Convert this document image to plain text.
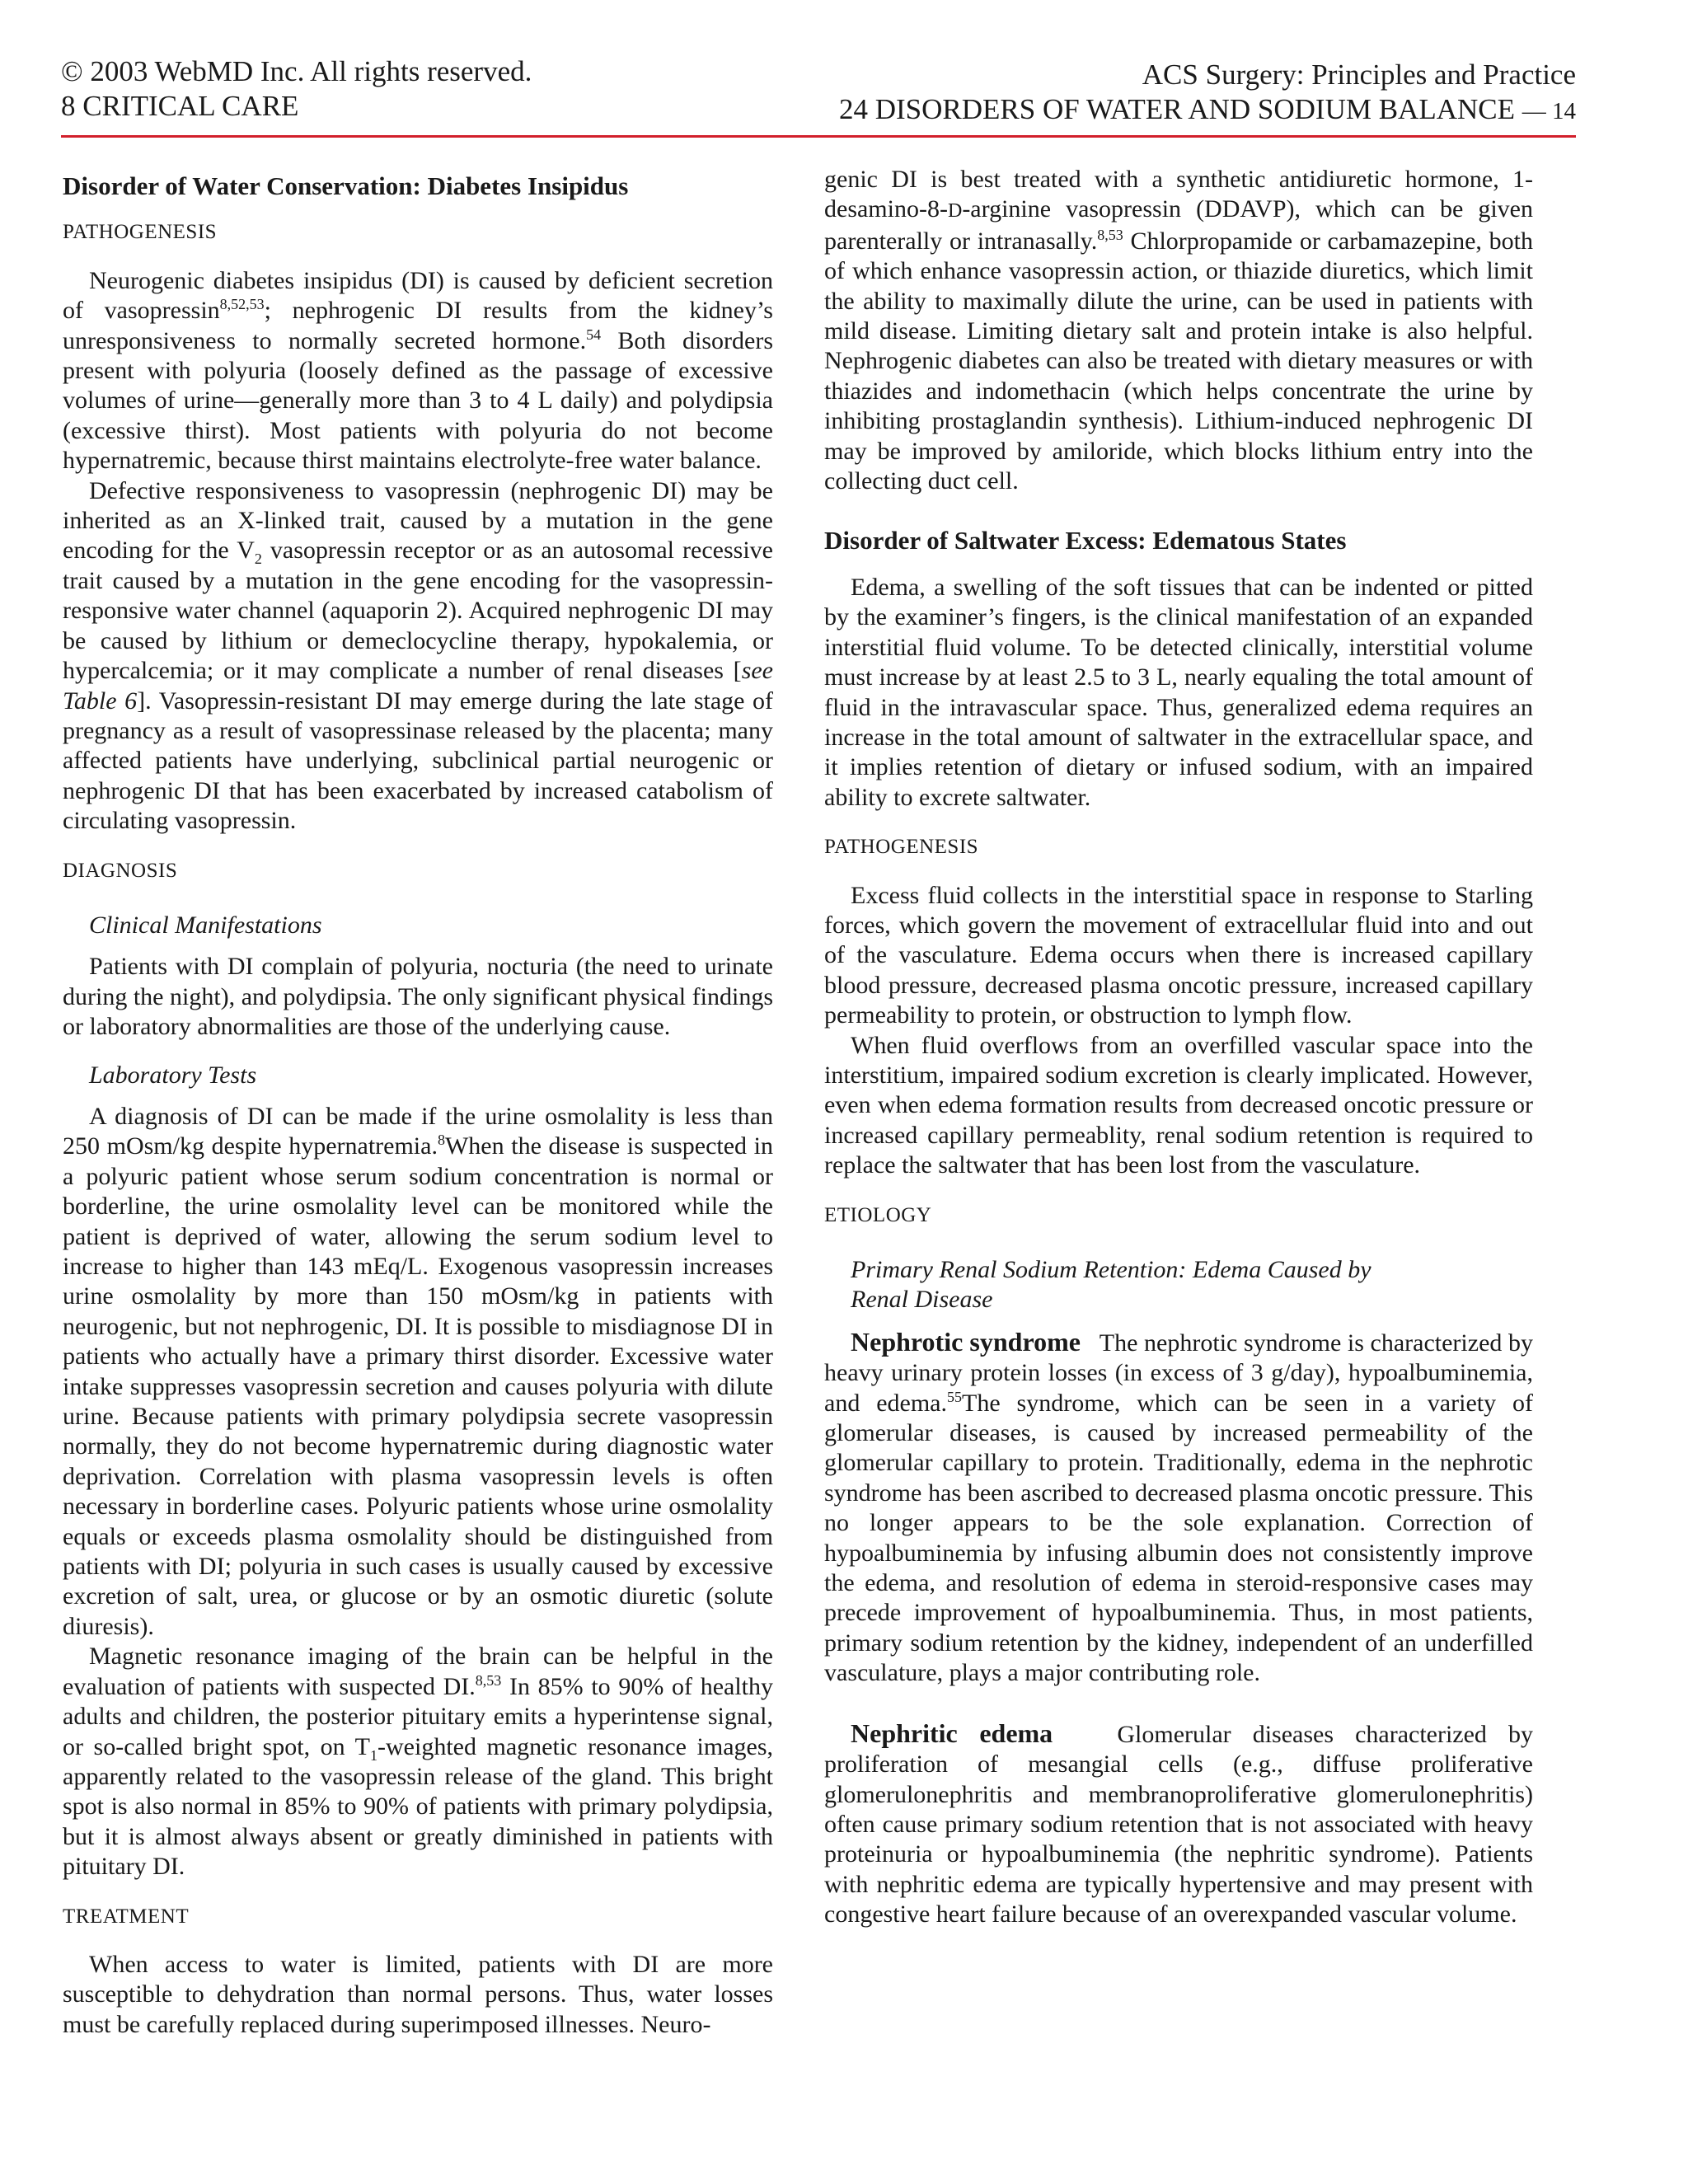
© 2003 WebMD Inc. All rights reserved.
8 CRITICAL CARE
ACS Surgery: Principles and Practice
24 DISORDERS OF WATER AND SODIUM BALANCE — 14
Disorder of Water Conservation: Diabetes Insipidus
PATHOGENESIS

Neurogenic diabetes insipidus (DI) is caused by deficient secretion of vasopressin$^{8,52,53}$; nephrogenic DI results from the kidney’s unresponsiveness to normally secreted hormone.$^{54}$ Both disorders present with polyuria (loosely defined as the passage of excessive volumes of urine—generally more than 3 to 4 L daily) and polydipsia (excessive thirst). Most patients with polyuria do not become hypernatremic, because thirst maintains electrolyte-free water balance.

Defective responsiveness to vasopressin (nephrogenic DI) may be inherited as an X-linked trait, caused by a mutation in the gene encoding for the $V_2$ vasopressin receptor or as an autosomal recessive trait caused by a mutation in the gene encoding for the vasopressin-responsive water channel (aquaporin 2). Acquired nephrogenic DI may be caused by lithium or demeclocycline therapy, hypokalemia, or hypercalcemia; or it may complicate a number of renal diseases [see Table 6]. Vasopressin-resistant DI may emerge during the late stage of pregnancy as a result of vasopressinase released by the placenta; many affected patients have underlying, subclinical partial neurogenic or nephrogenic DI that has been exacerbated by increased catabolism of circulating vasopressin.

DIAGNOSIS
Clinical Manifestations

Patients with DI complain of polyuria, nocturia (the need to urinate during the night), and polydipsia. The only significant physical findings or laboratory abnormalities are those of the underlying cause.

Laboratory Tests

A diagnosis of DI can be made if the urine osmolality is less than 250 mOsm/kg despite hypernatremia.$^8$When the disease is suspected in a polyuric patient whose serum sodium concentration is normal or borderline, the urine osmolality level can be monitored while the patient is deprived of water, allowing the serum sodium level to increase to higher than 143 mEq/L. Exogenous vasopressin increases urine osmolality by more than 150 mOsm/kg in patients with neurogenic, but not nephrogenic, DI. It is possible to misdiagnose DI in patients who actually have a primary thirst disorder. Excessive water intake suppresses vasopressin secretion and causes polyuria with dilute urine. Because patients with primary polydipsia secrete vasopressin normally, they do not become hypernatremic during diagnostic water deprivation. Correlation with plasma vasopressin levels is often necessary in borderline cases. Polyuric patients whose urine osmolality equals or exceeds plasma osmolality should be distinguished from patients with DI; polyuria in such cases is usually caused by excessive excretion of salt, urea, or glucose or by an osmotic diuretic (solute diuresis).

Magnetic resonance imaging of the brain can be helpful in the evaluation of patients with suspected DI.$^{8,53}$ In 85% to 90% of healthy adults and children, the posterior pituitary emits a hyperintense signal, or so-called bright spot, on $T_1$-weighted magnetic resonance images, apparently related to the vasopressin release of the gland. This bright spot is also normal in 85% to 90% of patients with primary polydipsia, but it is almost always absent or greatly diminished in patients with pituitary DI.

TREATMENT

When access to water is limited, patients with DI are more susceptible to dehydration than normal persons. Thus, water losses must be carefully replaced during superimposed illnesses. Neuro-

genic DI is best treated with a synthetic antidiuretic hormone, 1-desamino-8-D-arginine vasopressin (DDAVP), which can be given parenterally or intranasally.$^{8,53}$ Chlorpropamide or carbamazepine, both of which enhance vasopressin action, or thiazide diuretics, which limit the ability to maximally dilute the urine, can be used in patients with mild disease. Limiting dietary salt and protein intake is also helpful. Nephrogenic diabetes can also be treated with dietary measures or with thiazides and indomethacin (which helps concentrate the urine by inhibiting prostaglandin synthesis). Lithium-induced nephrogenic DI may be improved by amiloride, which blocks lithium entry into the collecting duct cell.

Disorder of Saltwater Excess: Edematous States

Edema, a swelling of the soft tissues that can be indented or pitted by the examiner’s fingers, is the clinical manifestation of an expanded interstitial fluid volume. To be detected clinically, interstitial volume must increase by at least 2.5 to 3 L, nearly equaling the total amount of fluid in the intravascular space. Thus, generalized edema requires an increase in the total amount of saltwater in the extracellular space, and it implies retention of dietary or infused sodium, with an impaired ability to excrete saltwater.

PATHOGENESIS

Excess fluid collects in the interstitial space in response to Starling forces, which govern the movement of extracellular fluid into and out of the vasculature. Edema occurs when there is increased capillary blood pressure, decreased plasma oncotic pressure, increased capillary permeability to protein, or obstruction to lymph flow.

When fluid overflows from an overfilled vascular space into the interstitium, impaired sodium excretion is clearly implicated. However, even when edema formation results from decreased oncotic pressure or increased capillary permeablity, renal sodium retention is required to replace the saltwater that has been lost from the vasculature.

ETIOLOGY
Primary Renal Sodium Retention: Edema Caused by Renal Disease

Nephrotic syndrome The nephrotic syndrome is characterized by heavy urinary protein losses (in excess of 3 g/day), hypoalbuminemia, and edema.$^{55}$The syndrome, which can be seen in a variety of glomerular diseases, is caused by increased permeability of the glomerular capillary to protein. Traditionally, edema in the nephrotic syndrome has been ascribed to decreased plasma oncotic pressure. This no longer appears to be the sole explanation. Correction of hypoalbuminemia by infusing albumin does not consistently improve the edema, and resolution of edema in steroid-responsive cases may precede improvement of hypoalbuminemia. Thus, in most patients, primary sodium retention by the kidney, independent of an underfilled vasculature, plays a major contributing role.

Nephritic edema	Glomerular diseases characterized by proliferation of mesangial cells (e.g., diffuse proliferative glomerulonephritis and membranoproliferative glomerulonephritis) often cause primary sodium retention that is not associated with heavy proteinuria or hypoalbuminemia (the nephritic syndrome). Patients with nephritic edema are typically hypertensive and may present with congestive heart failure because of an overexpanded vascular volume.
